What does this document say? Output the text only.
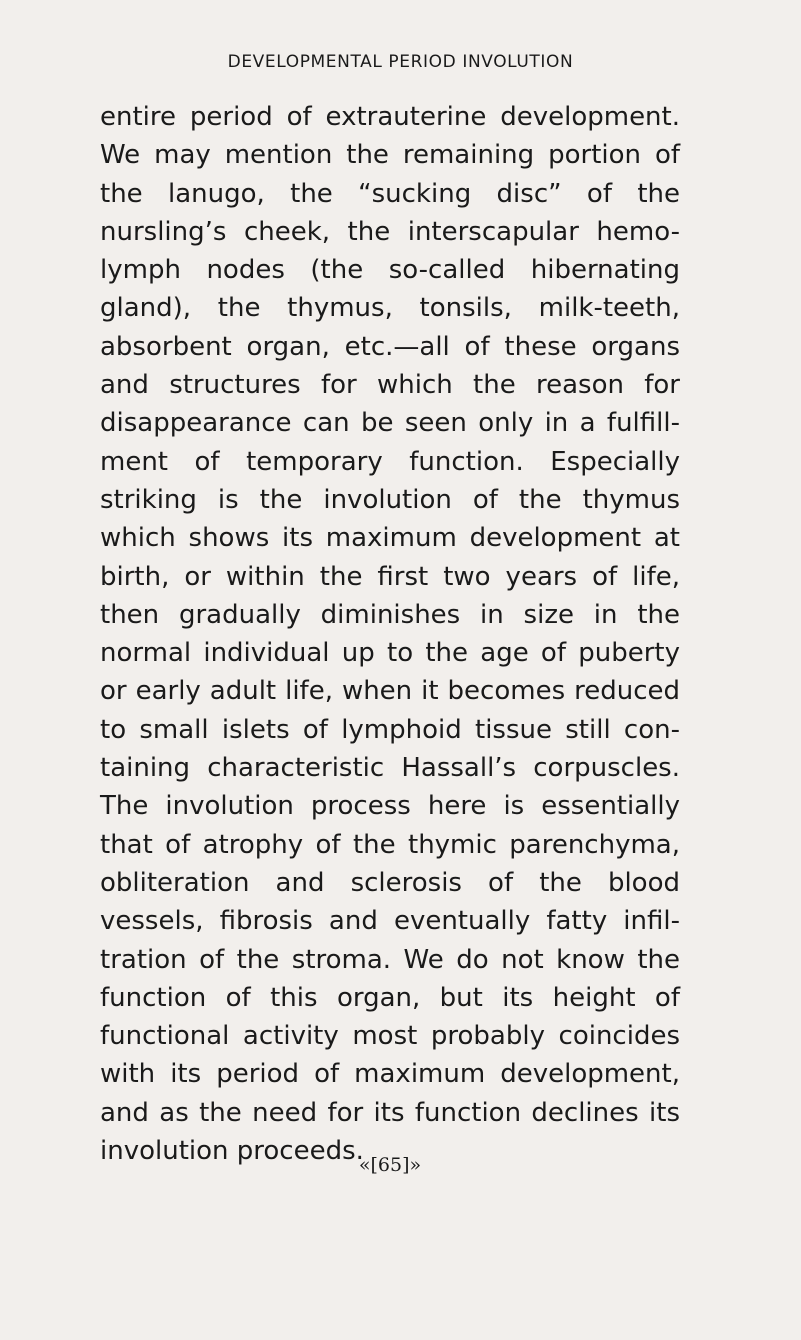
DEVELOPMENTAL PERIOD INVOLUTION
entire period of extrauterine development.
We may mention the remaining portion of
the lanugo, the “sucking disc” of the
nursling’s cheek, the interscapular hemo-
lymph nodes (the so-called hibernating
gland), the thymus, tonsils, milk-teeth,
absorbent organ, etc.—all of these organs
and structures for which the reason for
disappearance can be seen only in a fulfill-
ment of temporary function. Especially
striking is the involution of the thymus
which shows its maximum development at
birth, or within the first two years of life,
then gradually diminishes in size in the
normal individual up to the age of puberty
or early adult life, when it becomes reduced
to small islets of lymphoid tissue still con-
taining characteristic Hassall’s corpuscles.
The involution process here is essentially
that of atrophy of the thymic parenchyma,
obliteration and sclerosis of the blood
vessels, fibrosis and eventually fatty infil-
tration of the stroma. We do not know the
function of this organ, but its height of
functional activity most probably coincides
with its period of maximum development,
and as the need for its function declines its
involution proceeds.
«[65]»
